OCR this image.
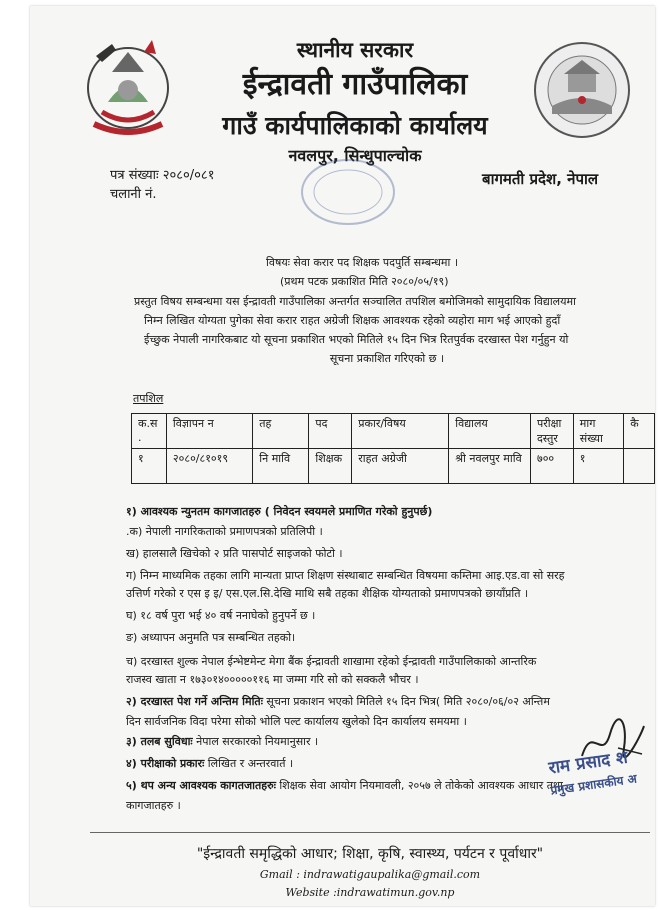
स्थानीय सरकार
ईन्द्रावती गाउँपालिका
गाउँ कार्यपालिकाको कार्यालय
नवलपुर, सिन्धुपाल्चोक
पत्र संख्याः २०८०/०८१
चलानी नं.
बागमती प्रदेश, नेपाल
विषयः सेवा करार पद शिक्षक पदपुर्ति सम्बन्धमा ।
(प्रथम पटक प्रकाशित मिति २०८०/०५/१९)
प्रस्तुत विषय सम्बन्धमा यस ईन्द्रावती गाउँपालिका अन्तर्गत सञ्चालित तपशिल बमोजिमको सामुदायिक विद्यालयमा
निम्न लिखित योग्यता पुगेका सेवा करार राहत अग्रेजी शिक्षक आवश्यक रहेको व्यहोरा माग भई आएको हुदाँ
ईच्छुक नेपाली नागरिकबाट यो सूचना प्रकाशित भएको मितिले १५ दिन भित्र रितपुर्वक दरखास्त पेश गर्नुहुन यो
सूचना प्रकाशित गरिएको छ ।
तपशिल
क.स .	विज्ञापन न	तह	पद	प्रकार/विषय	विद्यालय	परीक्षा दस्तुर	माग संख्या	कै
१	२०८०/८१०१९	नि मावि	शिक्षक	राहत अग्रेजी	श्री नवलपुर मावि	७००	१	
१) आवश्यक न्युनतम कागजातहरु ( निवेदन स्वयमले प्रमाणित गरेको हुनुपर्छ)
.क) नेपाली नागरिकताको प्रमाणपत्रको प्रतिलिपी ।
ख) हालसालै खिचेको २ प्रति पासपोर्ट साइजको फोटो ।
ग) निम्न माध्यमिक तहका लागि मान्यता प्राप्त शिक्षण संस्थाबाट सम्बन्धित विषयमा कम्तिमा आइ.एड.वा सो सरह
उत्तिर्ण गरेको र एस इ इ/ एस.एल.सि.देखि माथि सबै तहका शैक्षिक योग्यताको प्रमाणपत्रको छायाँप्रति ।
घ) १८ वर्ष पुरा भई ४० वर्ष ननाघेको हुनुपर्ने छ ।
ङ) अध्यापन अनुमति पत्र सम्बन्धित तहको।
च) दरखास्त शुल्क नेपाल ईन्भेष्टमेन्ट मेगा बैंक ईन्द्रावती शाखामा रहेको ईन्द्रावती गाउँपालिकाको आन्तरिक
राजस्व खाता न १७३०१४०००००११६ मा जम्मा गरि सो को सक्कलै भौचर ।
२) दरखास्त पेश गर्ने अन्तिम मितिः सूचना प्रकाशन भएको मितिले १५ दिन भित्र( मिति २०८०/०६/०२ अन्तिम
दिन सार्वजनिक विदा परेमा सोको भोलि पल्ट कार्यालय खुलेको दिन कार्यालय समयमा ।
३) तलब सुविधाः नेपाल सरकारको नियमानुसार ।
४) परीक्षाको प्रकारः लिखित र अन्तरवार्त ।
५) थप अन्य आवश्यक कागतजातहरुः शिक्षक सेवा आयोग नियमावली, २०५७ ले तोकेको आवश्यक आधार तथा
कागजातहरु ।
राम प्रसाद श
प्रमुख प्रशासकीय अ
"ईन्द्रावती समृद्धिको आधार; शिक्षा, कृषि, स्वास्थ्य, पर्यटन र पूर्वाधार"
Gmail : indrawatigaupalika@gmail.com
Website :indrawatimun.gov.np
